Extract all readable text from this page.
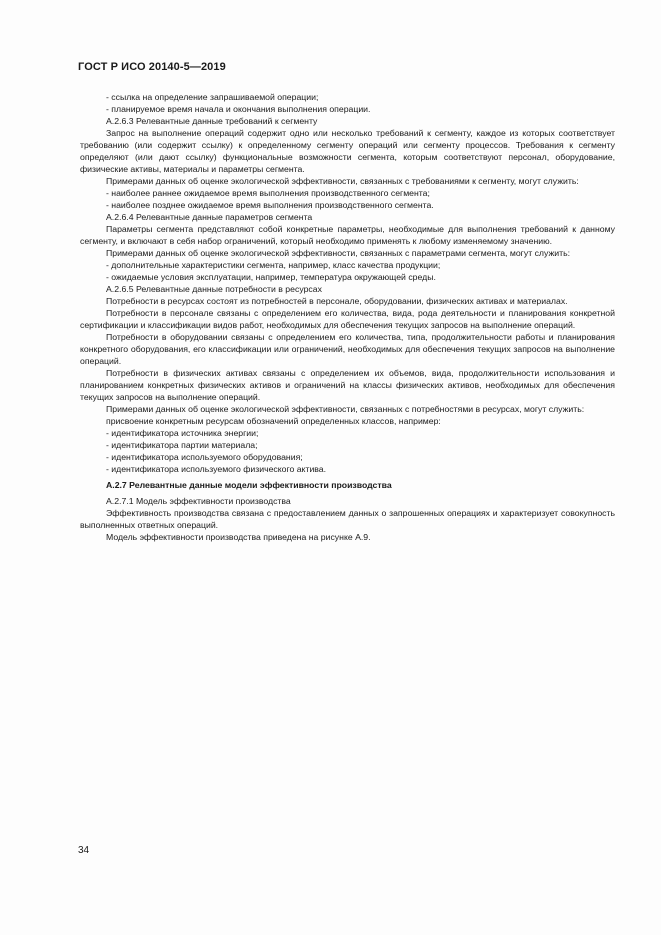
ГОСТ Р ИСО 20140-5—2019
- ссылка на определение запрашиваемой операции;
- планируемое время начала и окончания выполнения операции.
А.2.6.3 Релевантные данные требований к сегменту
Запрос на выполнение операций содержит одно или несколько требований к сегменту, каждое из которых соответствует требованию (или содержит ссылку) к определенному сегменту операций или сегменту процессов. Требования к сегменту определяют (или дают ссылку) функциональные возможности сегмента, которым соответствуют персонал, оборудование, физические активы, материалы и параметры сегмента.
Примерами данных об оценке экологической эффективности, связанных с требованиями к сегменту, могут служить:
- наиболее раннее ожидаемое время выполнения производственного сегмента;
- наиболее позднее ожидаемое время выполнения производственного сегмента.
А.2.6.4 Релевантные данные параметров сегмента
Параметры сегмента представляют собой конкретные параметры, необходимые для выполнения требований к данному сегменту, и включают в себя набор ограничений, который необходимо применять к любому изменяемому значению.
Примерами данных об оценке экологической эффективности, связанных с параметрами сегмента, могут служить:
- дополнительные характеристики сегмента, например, класс качества продукции;
- ожидаемые условия эксплуатации, например, температура окружающей среды.
А.2.6.5 Релевантные данные потребности в ресурсах
Потребности в ресурсах состоят из потребностей в персонале, оборудовании, физических активах и материалах.
Потребности в персонале связаны с определением его количества, вида, рода деятельности и планирования конкретной сертификации и классификации видов работ, необходимых для обеспечения текущих запросов на выполнение операций.
Потребности в оборудовании связаны с определением его количества, типа, продолжительности работы и планирования конкретного оборудования, его классификации или ограничений, необходимых для обеспечения текущих запросов на выполнение операций.
Потребности в физических активах связаны с определением их объемов, вида, продолжительности использования и планированием конкретных физических активов и ограничений на классы физических активов, необходимых для обеспечения текущих запросов на выполнение операций.
Примерами данных об оценке экологической эффективности, связанных с потребностями в ресурсах, могут служить:
присвоение конкретным ресурсам обозначений определенных классов, например:
- идентификатора источника энергии;
- идентификатора партии материала;
- идентификатора используемого оборудования;
- идентификатора используемого физического актива.
А.2.7 Релевантные данные модели эффективности производства
А.2.7.1 Модель эффективности производства
Эффективность производства связана с предоставлением данных о запрошенных операциях и характеризует совокупность выполненных ответных операций.
Модель эффективности производства приведена на рисунке А.9.
34
